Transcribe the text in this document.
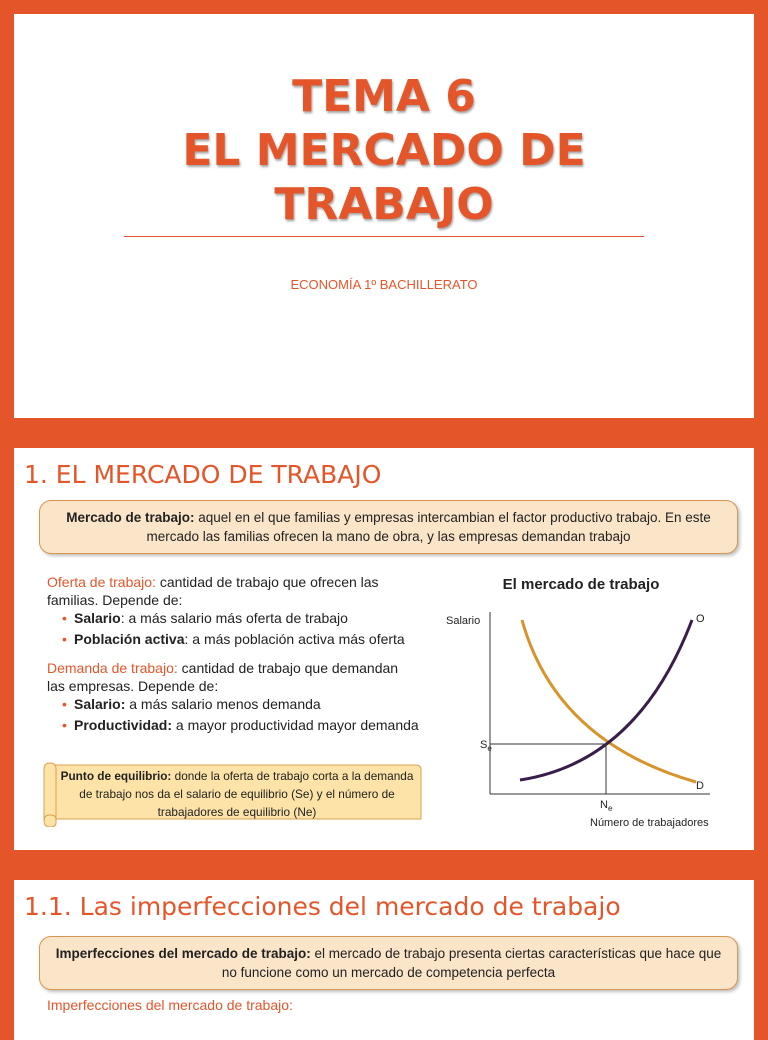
TEMA 6
EL MERCADO DE
TRABAJO
ECONOMÍA 1º BACHILLERATO
1. EL MERCADO DE TRABAJO
Mercado de trabajo: aquel en el que familias y empresas intercambian el factor productivo trabajo. En este mercado las familias ofrecen la mano de obra, y las empresas demandan trabajo
Oferta de trabajo: cantidad de trabajo que ofrecen las familias. Depende de:
• Salario: a más salario más oferta de trabajo
• Población activa: a más población activa más oferta
Demanda de trabajo: cantidad de trabajo que demandan las empresas. Depende de:
• Salario: a más salario menos demanda
• Productividad: a mayor productividad mayor demanda
Punto de equilibrio: donde la oferta de trabajo corta a la demanda de trabajo nos da el salario de equilibrio (Se) y el número de trabajadores de equilibrio (Ne)
El mercado de trabajo
Salario
Número de trabajadores
O
D
$S_e$
$N_e$
1.1. Las imperfecciones del mercado de trabajo
Imperfecciones del mercado de trabajo: el mercado de trabajo presenta ciertas características que hace que no funcione como un mercado de competencia perfecta
Imperfecciones del mercado de trabajo:
